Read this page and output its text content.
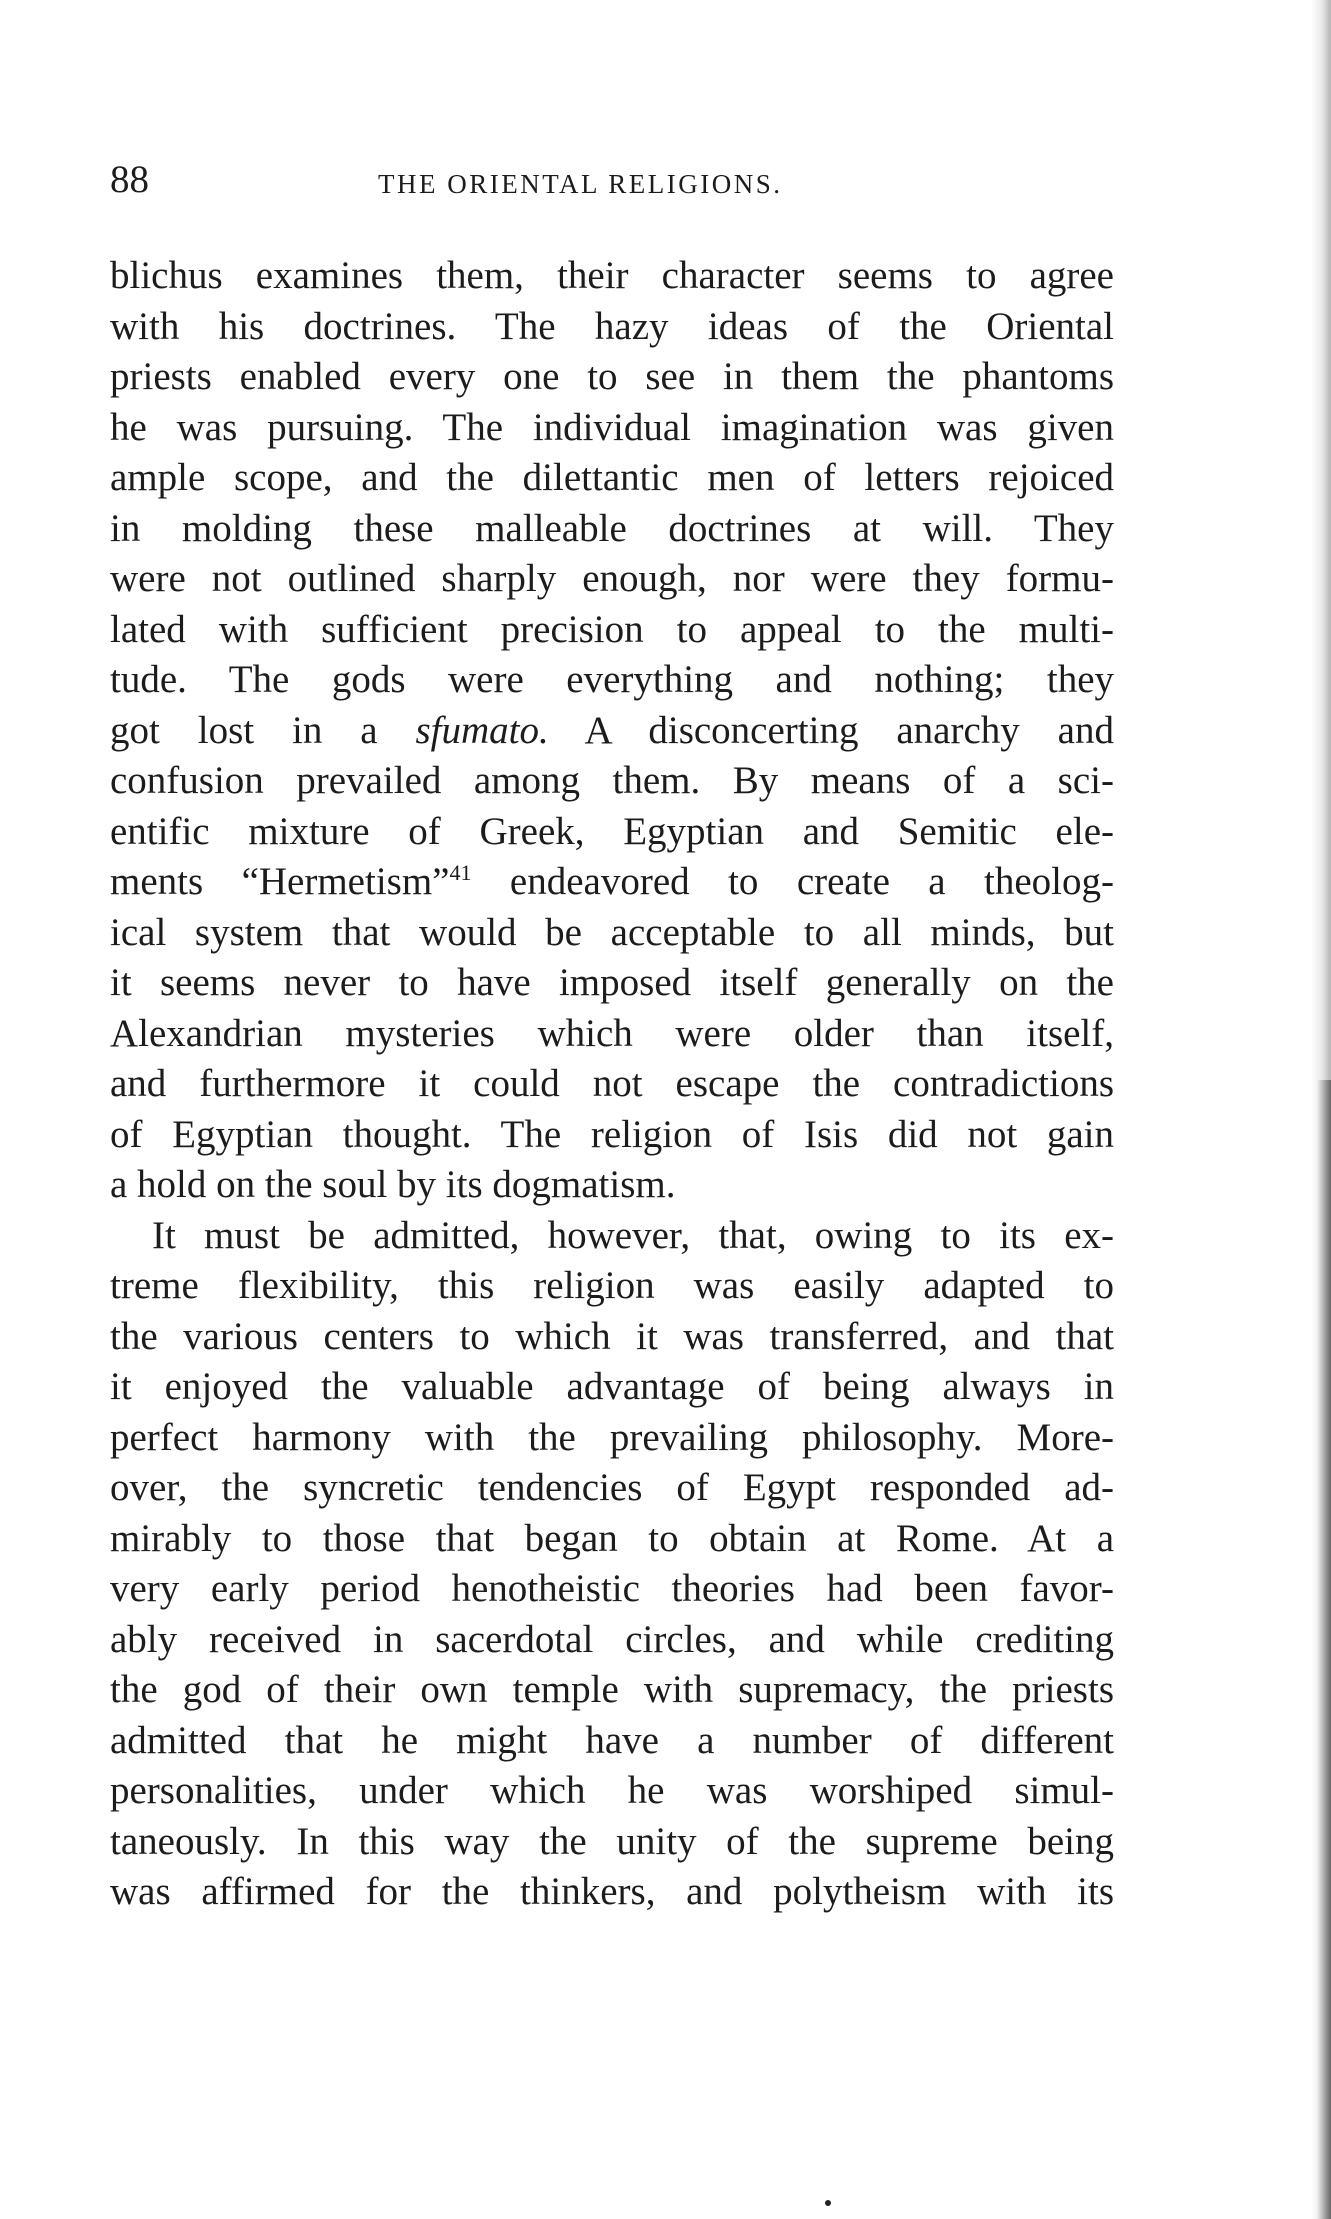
88	THE ORIENTAL RELIGIONS.
blichus examines them, their character seems to agree
with his doctrines. The hazy ideas of the Oriental
priests enabled every one to see in them the phantoms
he was pursuing. The individual imagination was given
ample scope, and the dilettantic men of letters rejoiced
in molding these malleable doctrines at will. They
were not outlined sharply enough, nor were they formu-
lated with sufficient precision to appeal to the multi-
tude. The gods were everything and nothing; they
got lost in a sfumato. A disconcerting anarchy and
confusion prevailed among them. By means of a sci-
entific mixture of Greek, Egyptian and Semitic ele-
ments “Hermetism”$^{41}$ endeavored to create a theolog-
ical system that would be acceptable to all minds, but
it seems never to have imposed itself generally on the
Alexandrian mysteries which were older than itself,
and furthermore it could not escape the contradictions
of Egyptian thought. The religion of Isis did not gain
a hold on the soul by its dogmatism.
It must be admitted, however, that, owing to its ex-
treme flexibility, this religion was easily adapted to
the various centers to which it was transferred, and that
it enjoyed the valuable advantage of being always in
perfect harmony with the prevailing philosophy. More-
over, the syncretic tendencies of Egypt responded ad-
mirably to those that began to obtain at Rome. At a
very early period henotheistic theories had been favor-
ably received in sacerdotal circles, and while crediting
the god of their own temple with supremacy, the priests
admitted that he might have a number of different
personalities, under which he was worshiped simul-
taneously. In this way the unity of the supreme being
was affirmed for the thinkers, and polytheism with its
